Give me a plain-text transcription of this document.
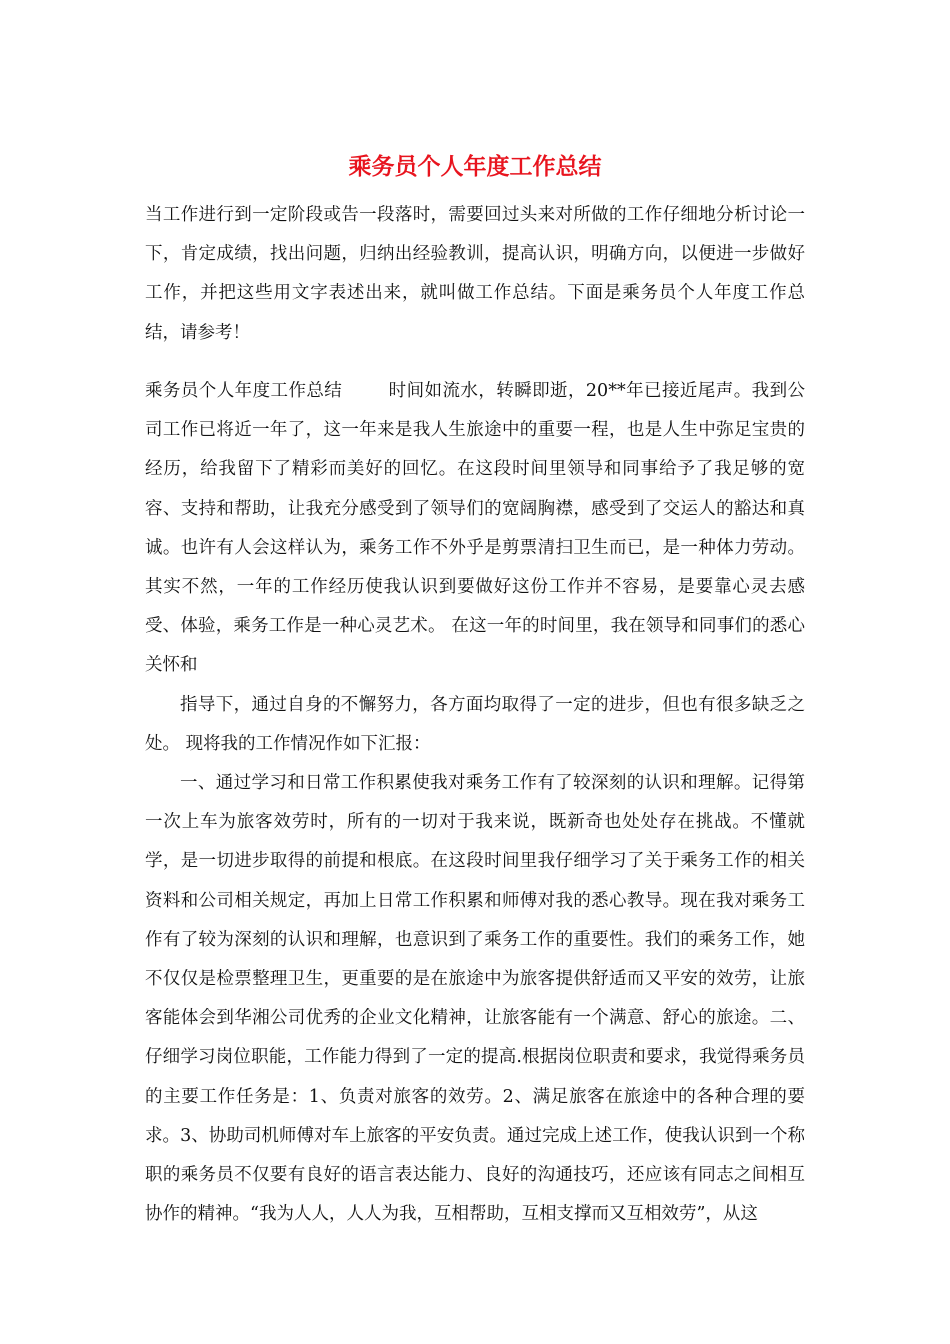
乘务员个人年度工作总结

当工作进行到一定阶段或告一段落时，需要回过头来对所做的工作仔细地分析讨论一下，肯定成绩，找出问题，归纳出经验教训，提高认识，明确方向，以便进一步做好工作，并把这些用文字表述出来，就叫做工作总结。下面是乘务员个人年度工作总结，请参考！

乘务员个人年度工作总结	时间如流水，转瞬即逝，20**年已接近尾声。我到公司工作已将近一年了，这一年来是我人生旅途中的重要一程，也是人生中弥足宝贵的经历，给我留下了精彩而美好的回忆。在这段时间里领导和同事给予了我足够的宽容、支持和帮助，让我充分感受到了领导们的宽阔胸襟，感受到了交运人的豁达和真诚。也许有人会这样认为，乘务工作不外乎是剪票清扫卫生而已，是一种体力劳动。其实不然，一年的工作经历使我认识到要做好这份工作并不容易，是要靠心灵去感受、体验，乘务工作是一种心灵艺术。 在这一年的时间里，我在领导和同事们的悉心关怀和

指导下，通过自身的不懈努力，各方面均取得了一定的进步，但也有很多缺乏之处。 现将我的工作情况作如下汇报：

一、通过学习和日常工作积累使我对乘务工作有了较深刻的认识和理解。记得第一次上车为旅客效劳时，所有的一切对于我来说，既新奇也处处存在挑战。不懂就学，是一切进步取得的前提和根底。在这段时间里我仔细学习了关于乘务工作的相关资料和公司相关规定，再加上日常工作积累和师傅对我的悉心教导。现在我对乘务工作有了较为深刻的认识和理解，也意识到了乘务工作的重要性。我们的乘务工作，她不仅仅是检票整理卫生，更重要的是在旅途中为旅客提供舒适而又平安的效劳，让旅客能体会到华湘公司优秀的企业文化精神，让旅客能有一个满意、舒心的旅途。二、仔细学习岗位职能，工作能力得到了一定的提高.根据岗位职责和要求，我觉得乘务员的主要工作任务是：1、负责对旅客的效劳。2、满足旅客在旅途中的各种合理的要求。3、协助司机师傅对车上旅客的平安负责。通过完成上述工作，使我认识到一个称职的乘务员不仅要有良好的语言表达能力、良好的沟通技巧，还应该有同志之间相互协作的精神。“我为人人，人人为我，互相帮助，互相支撑而又互相效劳”，从这
